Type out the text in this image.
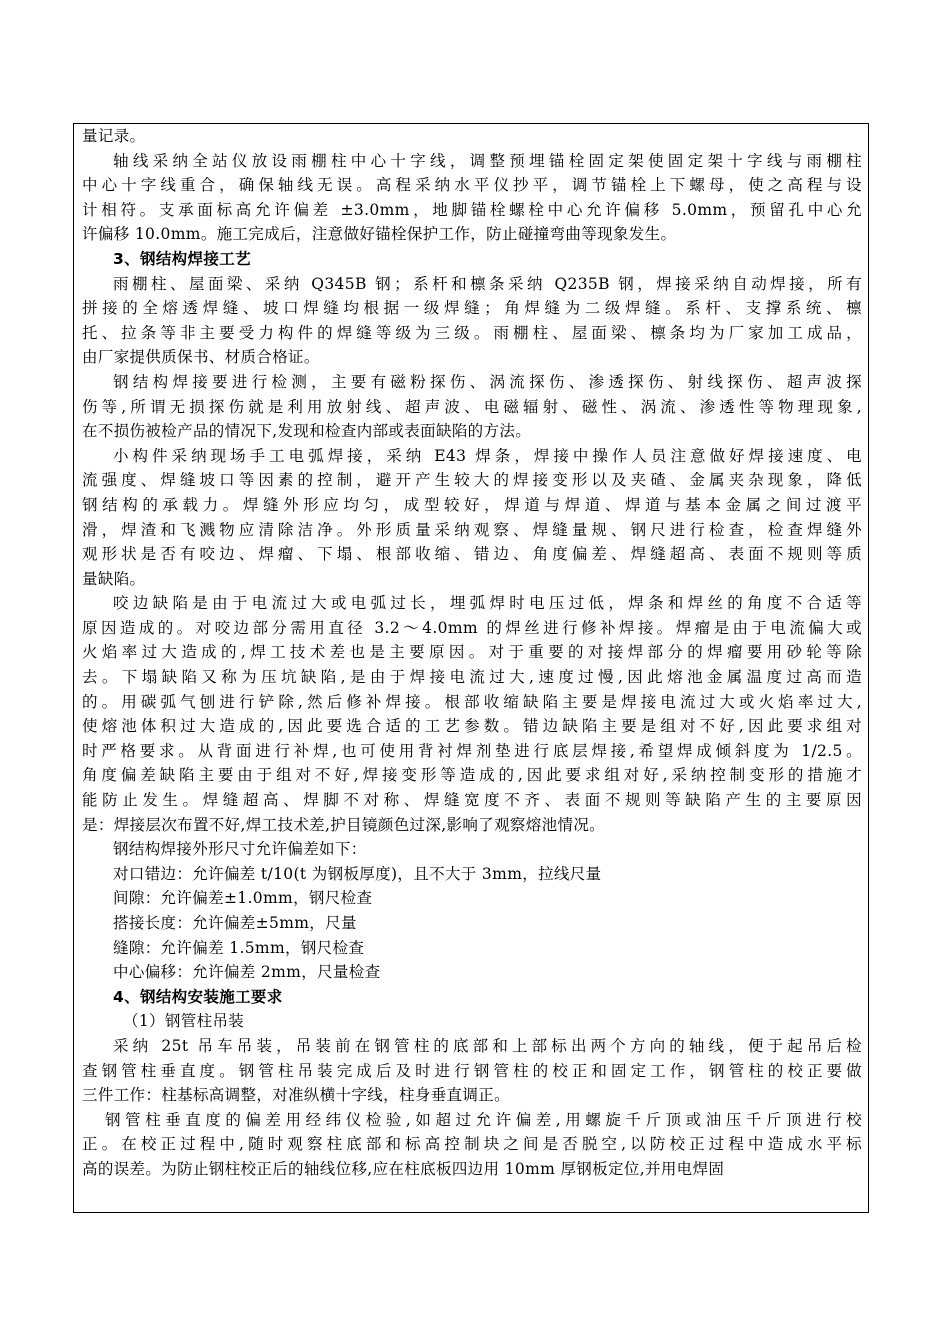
量记录。
轴线采纳全站仪放设雨棚柱中心十字线，调整预埋锚栓固定架使固定架十字线与雨棚柱
中心十字线重合，确保轴线无误。高程采纳水平仪抄平，调节锚栓上下螺母，使之高程与设
计相符。支承面标高允许偏差 ±3.0mm，地脚锚栓螺栓中心允许偏移 5.0mm，预留孔中心允
许偏移 10.0mm。施工完成后，注意做好锚栓保护工作，防止碰撞弯曲等现象发生。
3、钢结构焊接工艺
雨棚柱、屋面梁、采纳 Q345B 钢；系杆和檩条采纳 Q235B 钢，焊接采纳自动焊接，所有
拼接的全熔透焊缝、坡口焊缝均根据一级焊缝；角焊缝为二级焊缝。系杆、支撑系统、檩
托、拉条等非主要受力构件的焊缝等级为三级。雨棚柱、屋面梁、檩条均为厂家加工成品，
由厂家提供质保书、材质合格证。
钢结构焊接要进行检测，主要有磁粉探伤、涡流探伤、渗透探伤、射线探伤、超声波探
伤等,所谓无损探伤就是利用放射线、超声波、电磁辐射、磁性、涡流、渗透性等物理现象,
在不损伤被检产品的情况下,发现和检查内部或表面缺陷的方法。
小构件采纳现场手工电弧焊接，采纳 E43 焊条，焊接中操作人员注意做好焊接速度、电
流强度、焊缝坡口等因素的控制，避开产生较大的焊接变形以及夹碴、金属夹杂现象，降低
钢结构的承载力。焊缝外形应均匀，成型较好，焊道与焊道、焊道与基本金属之间过渡平
滑，焊渣和飞溅物应清除洁净。外形质量采纳观察、焊缝量规、钢尺进行检查，检查焊缝外
观形状是否有咬边、焊瘤、下塌、根部收缩、错边、角度偏差、焊缝超高、表面不规则等质
量缺陷。
咬边缺陷是由于电流过大或电弧过长，埋弧焊时电压过低，焊条和焊丝的角度不合适等
原因造成的。对咬边部分需用直径 3.2～4.0mm 的焊丝进行修补焊接。焊瘤是由于电流偏大或
火焰率过大造成的,焊工技术差也是主要原因。对于重要的对接焊部分的焊瘤要用砂轮等除
去。下塌缺陷又称为压坑缺陷,是由于焊接电流过大,速度过慢,因此熔池金属温度过高而造
的。用碳弧气刨进行铲除,然后修补焊接。根部收缩缺陷主要是焊接电流过大或火焰率过大,
使熔池体积过大造成的,因此要选合适的工艺参数。错边缺陷主要是组对不好,因此要求组对
时严格要求。从背面进行补焊,也可使用背衬焊剂垫进行底层焊接,希望焊成倾斜度为 1/2.5。
角度偏差缺陷主要由于组对不好,焊接变形等造成的,因此要求组对好,采纳控制变形的措施才
能防止发生。焊缝超高、焊脚不对称、焊缝宽度不齐、表面不规则等缺陷产生的主要原因
是：焊接层次布置不好,焊工技术差,护目镜颜色过深,影响了观察熔池情况。
钢结构焊接外形尺寸允许偏差如下：
对口错边：允许偏差 t/10(t 为钢板厚度)，且不大于 3mm，拉线尺量
间隙：允许偏差±1.0mm，钢尺检查
搭接长度：允许偏差±5mm，尺量
缝隙：允许偏差 1.5mm，钢尺检查
中心偏移：允许偏差 2mm，尺量检查
4、钢结构安装施工要求
（1）钢管柱吊装
采纳 25t 吊车吊装，吊装前在钢管柱的底部和上部标出两个方向的轴线，便于起吊后检
查钢管柱垂直度。钢管柱吊装完成后及时进行钢管柱的校正和固定工作，钢管柱的校正要做
三件工作：柱基标高调整，对准纵横十字线，柱身垂直调正。
钢管柱垂直度的偏差用经纬仪检验,如超过允许偏差,用螺旋千斤顶或油压千斤顶进行校
正。在校正过程中,随时观察柱底部和标高控制块之间是否脱空,以防校正过程中造成水平标
高的误差。为防止钢柱校正后的轴线位移,应在柱底板四边用 10mm 厚钢板定位,并用电焊固
